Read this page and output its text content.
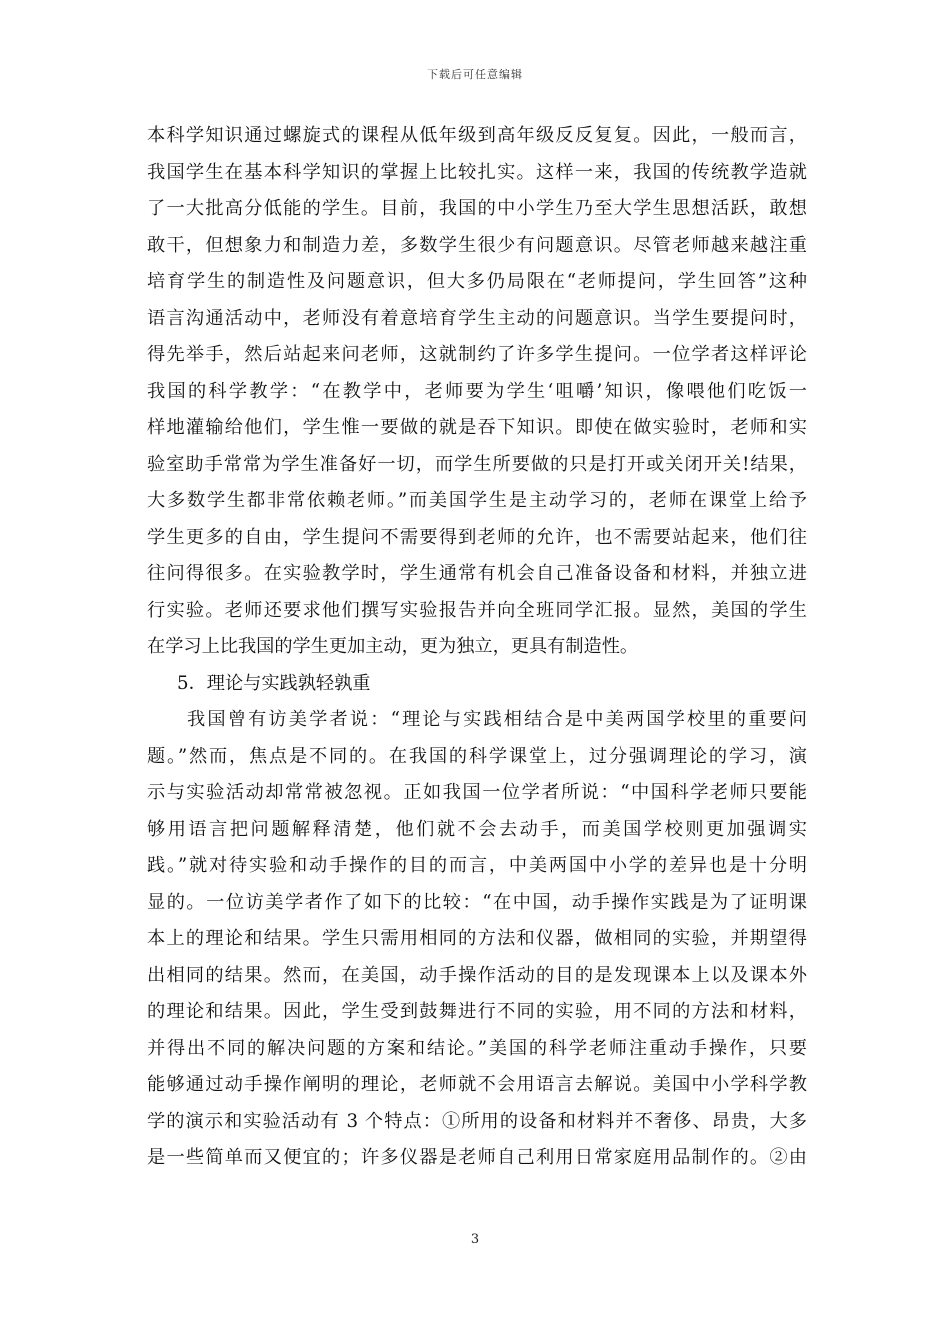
下载后可任意编辑
本科学知识通过螺旋式的课程从低年级到高年级反反复复。因此，一般而言，
我国学生在基本科学知识的掌握上比较扎实。这样一来，我国的传统教学造就
了一大批高分低能的学生。目前，我国的中小学生乃至大学生思想活跃，敢想
敢干，但想象力和制造力差，多数学生很少有问题意识。尽管老师越来越注重
培育学生的制造性及问题意识，但大多仍局限在“老师提问，学生回答”这种
语言沟通活动中，老师没有着意培育学生主动的问题意识。当学生要提问时，
得先举手，然后站起来问老师，这就制约了许多学生提问。一位学者这样评论
我国的科学教学：“在教学中，老师要为学生‘咀嚼’知识，像喂他们吃饭一
样地灌输给他们，学生惟一要做的就是吞下知识。即使在做实验时，老师和实
验室助手常常为学生准备好一切，而学生所要做的只是打开或关闭开关!结果，
大多数学生都非常依赖老师。”而美国学生是主动学习的，老师在课堂上给予
学生更多的自由，学生提问不需要得到老师的允许，也不需要站起来，他们往
往问得很多。在实验教学时，学生通常有机会自己准备设备和材料，并独立进
行实验。老师还要求他们撰写实验报告并向全班同学汇报。显然，美国的学生
在学习上比我国的学生更加主动，更为独立，更具有制造性。
5．理论与实践孰轻孰重
我国曾有访美学者说：“理论与实践相结合是中美两国学校里的重要问
题。”然而，焦点是不同的。在我国的科学课堂上，过分强调理论的学习，演
示与实验活动却常常被忽视。正如我国一位学者所说：“中国科学老师只要能
够用语言把问题解释清楚，他们就不会去动手，而美国学校则更加强调实
践。”就对待实验和动手操作的目的而言，中美两国中小学的差异也是十分明
显的。一位访美学者作了如下的比较：“在中国，动手操作实践是为了证明课
本上的理论和结果。学生只需用相同的方法和仪器，做相同的实验，并期望得
出相同的结果。然而，在美国，动手操作活动的目的是发现课本上以及课本外
的理论和结果。因此，学生受到鼓舞进行不同的实验，用不同的方法和材料，
并得出不同的解决问题的方案和结论。”美国的科学老师注重动手操作，只要
能够通过动手操作阐明的理论，老师就不会用语言去解说。美国中小学科学教
学的演示和实验活动有 3 个特点：①所用的设备和材料并不奢侈、昂贵，大多
是一些简单而又便宜的；许多仪器是老师自己利用日常家庭用品制作的。②由
3
